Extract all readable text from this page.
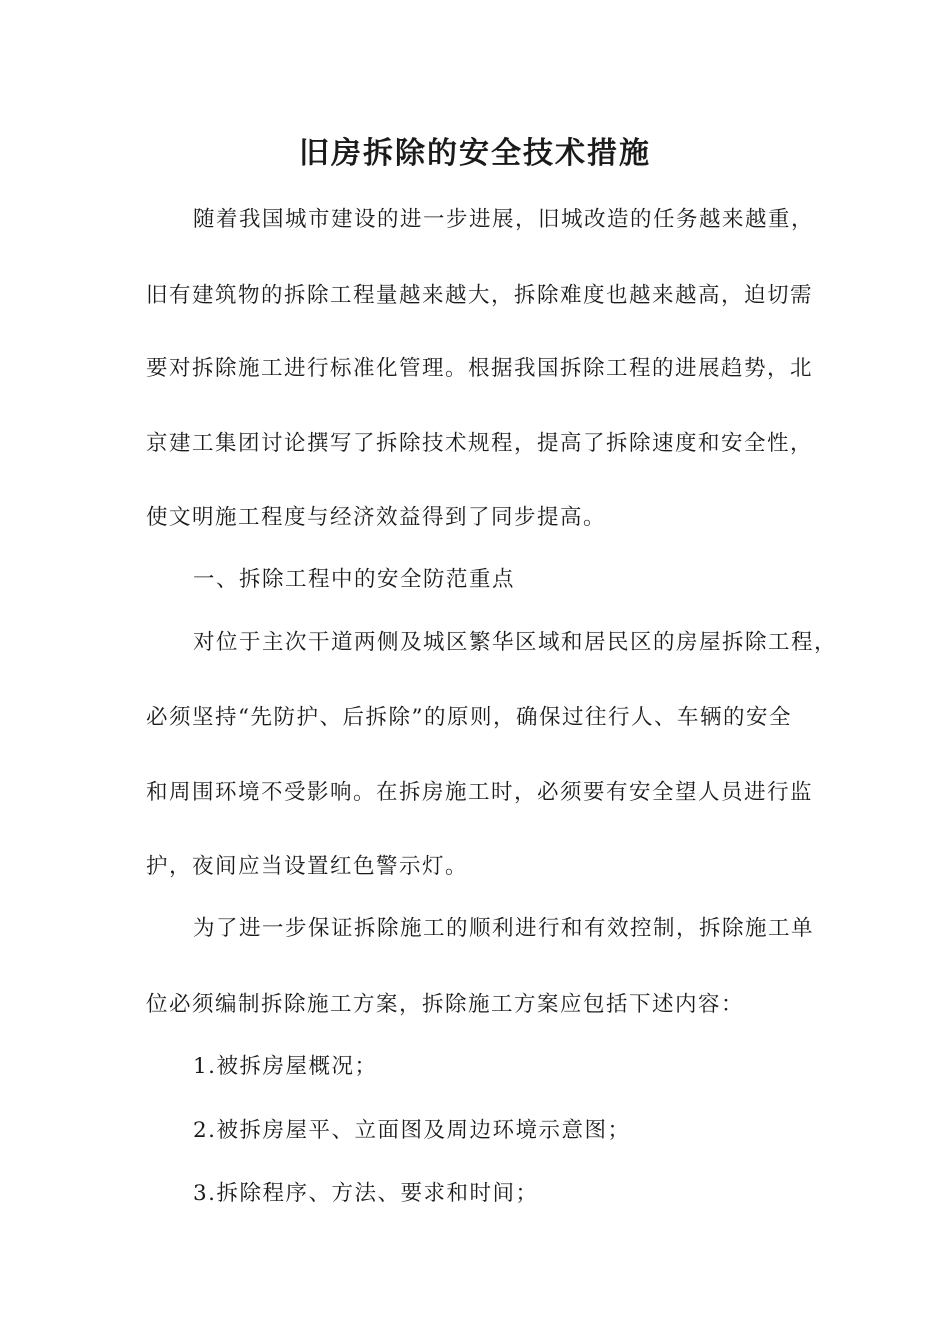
旧房拆除的安全技术措施
随着我国城市建设的进一步进展，旧城改造的任务越来越重，
旧有建筑物的拆除工程量越来越大，拆除难度也越来越高，迫切需
要对拆除施工进行标准化管理。根据我国拆除工程的进展趋势，北
京建工集团讨论撰写了拆除技术规程，提高了拆除速度和安全性，
使文明施工程度与经济效益得到了同步提高。
一、拆除工程中的安全防范重点
对位于主次干道两侧及城区繁华区域和居民区的房屋拆除工程，
必须坚持“先防护、后拆除”的原则，确保过往行人、车辆的安全
和周围环境不受影响。在拆房施工时，必须要有安全望人员进行监
护，夜间应当设置红色警示灯。
为了进一步保证拆除施工的顺利进行和有效控制，拆除施工单
位必须编制拆除施工方案，拆除施工方案应包括下述内容：
1.被拆房屋概况；
2.被拆房屋平、立面图及周边环境示意图；
3.拆除程序、方法、要求和时间；
